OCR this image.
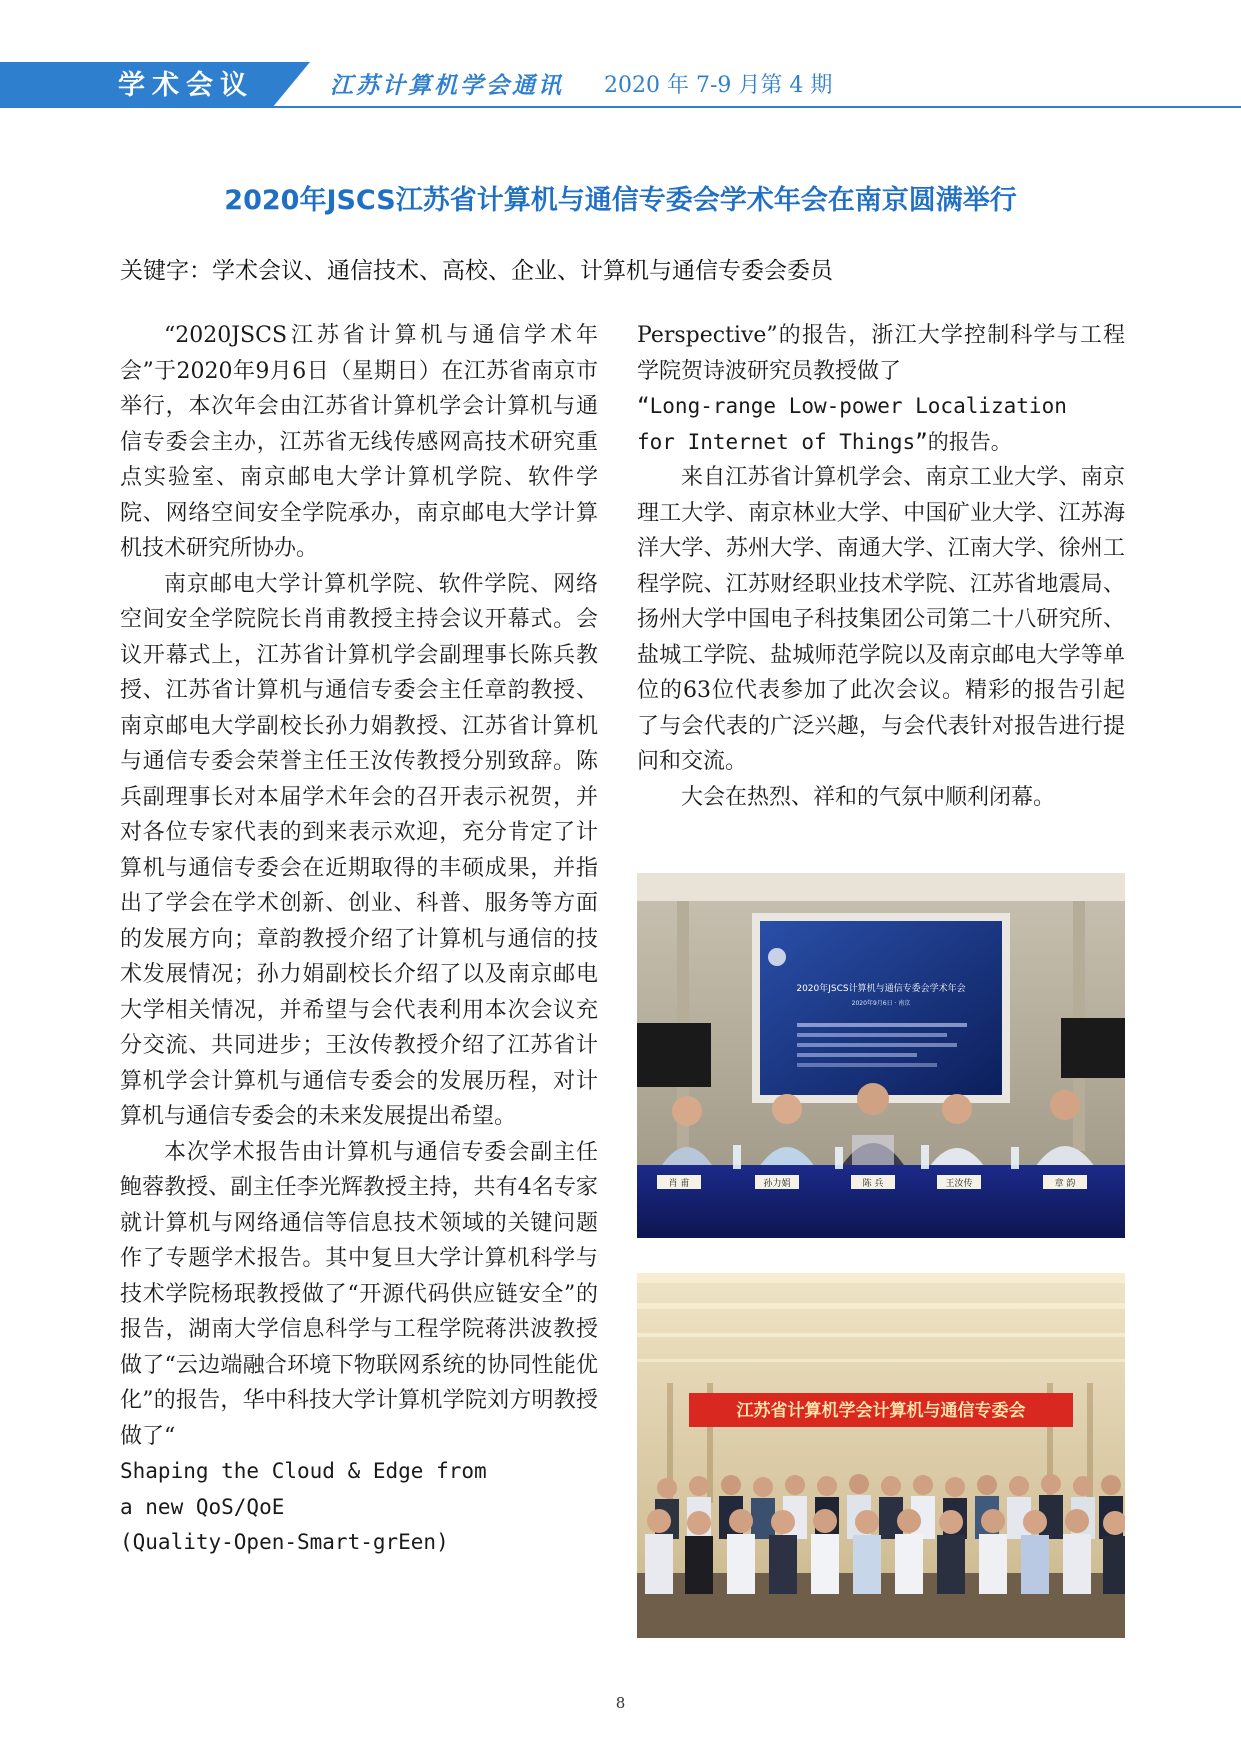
学术会议	江苏计算机学会通讯 2020 年 7-9 月第 4 期
2020年JSCS江苏省计算机与通信专委会学术年会在南京圆满举行
关键字：学术会议、通信技术、高校、企业、计算机与通信专委会委员

“2020JSCS江苏省计算机与通信学术年会”于2020年9月6日（星期日）在江苏省南京市举行，本次年会由江苏省计算机学会计算机与通信专委会主办，江苏省无线传感网高技术研究重点实验室、南京邮电大学计算机学院、软件学院、网络空间安全学院承办，南京邮电大学计算机技术研究所协办。

南京邮电大学计算机学院、软件学院、网络空间安全学院院长肖甫教授主持会议开幕式。会议开幕式上，江苏省计算机学会副理事长陈兵教授、江苏省计算机与通信专委会主任章韵教授、南京邮电大学副校长孙力娟教授、江苏省计算机与通信专委会荣誉主任王汝传教授分别致辞。陈兵副理事长对本届学术年会的召开表示祝贺，并对各位专家代表的到来表示欢迎，充分肯定了计算机与通信专委会在近期取得的丰硕成果，并指出了学会在学术创新、创业、科普、服务等方面的发展方向；章韵教授介绍了计算机与通信的技术发展情况；孙力娟副校长介绍了以及南京邮电大学相关情况，并希望与会代表利用本次会议充分交流、共同进步；王汝传教授介绍了江苏省计算机学会计算机与通信专委会的发展历程，对计算机与通信专委会的未来发展提出希望。

本次学术报告由计算机与通信专委会副主任鲍蓉教授、副主任李光辉教授主持，共有4名专家就计算机与网络通信等信息技术领域的关键问题作了专题学术报告。其中复旦大学计算机科学与技术学院杨珉教授做了“开源代码供应链安全”的报告，湖南大学信息科学与工程学院蒋洪波教授做了“云边端融合环境下物联网系统的协同性能优化”的报告，华中科技大学计算机学院刘方明教授做了“

Shaping the Cloud & Edge from

a new QoS/QoE

(Quality-Open-Smart-grEen)

Perspective”的报告，浙江大学控制科学与工程学院贺诗波研究员教授做了

“Long-range Low-power Localization

for Internet of Things”的报告。

来自江苏省计算机学会、南京工业大学、南京理工大学、南京林业大学、中国矿业大学、江苏海洋大学、苏州大学、南通大学、江南大学、徐州工程学院、江苏财经职业技术学院、江苏省地震局、扬州大学中国电子科技集团公司第二十八研究所、盐城工学院、盐城师范学院以及南京邮电大学等单位的63位代表参加了此次会议。精彩的报告引起了与会代表的广泛兴趣，与会代表针对报告进行提问和交流。

大会在热烈、祥和的气氛中顺利闭幕。

2020年JSCS计算机与通信专委会学术年会
2020年9月6日 · 南京
肖 甫	孙力娟	陈 兵	王汝传	章 韵
江苏省计算机学会计算机与通信专委会
8
